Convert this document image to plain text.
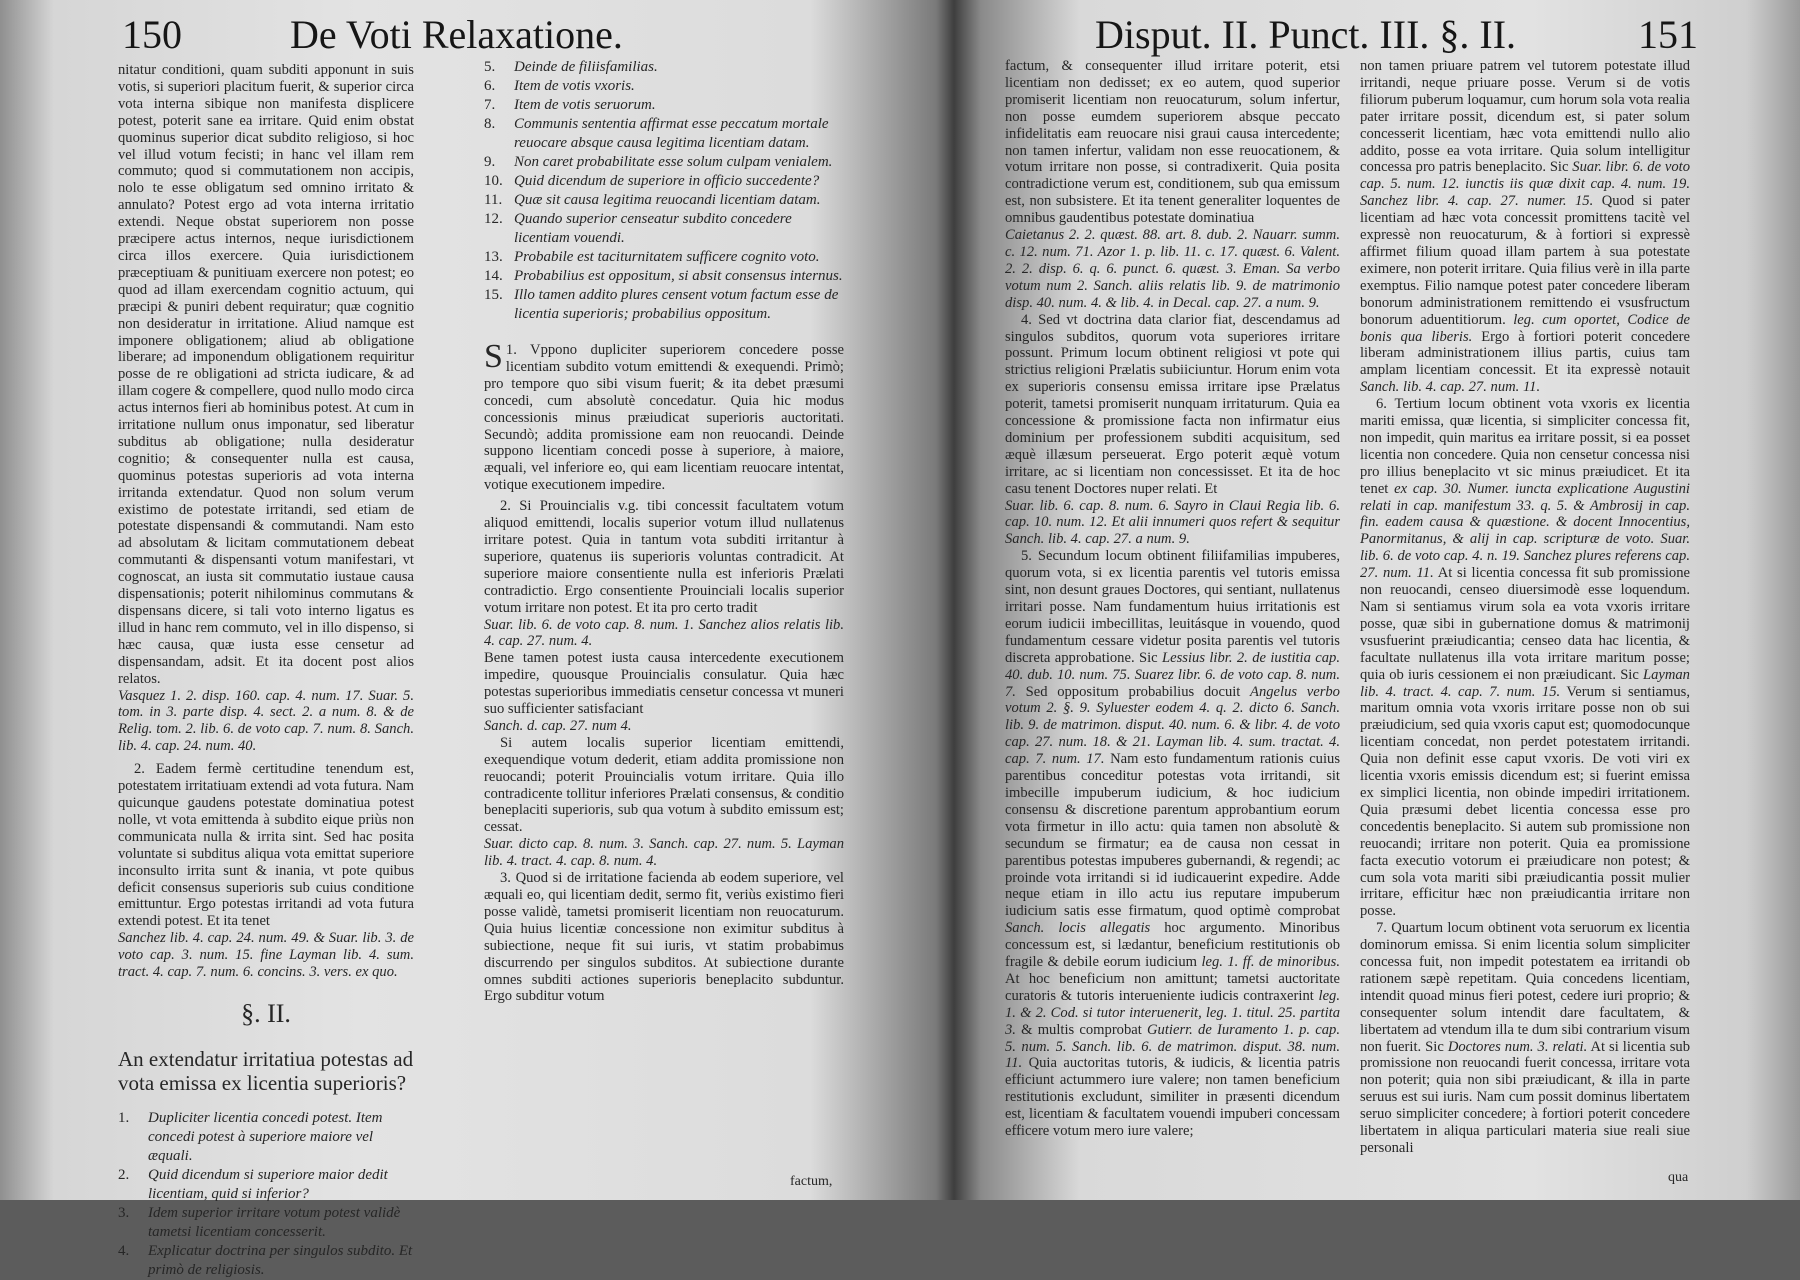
150	De Voti Relaxatione.

nitatur conditioni, quam subditi apponunt in suis votis, si superiori placitum fuerit, & superior circa vota interna sibique non manifesta displicere potest, poterit sane ea irritare. Quid enim obstat quominus superior dicat subdito religioso, si hoc vel illud votum fecisti; in hanc vel illam rem commuto; quod si commutationem non accipis, nolo te esse obligatum sed omnino irritato & annulato? Potest ergo ad vota interna irritatio extendi. Neque obstat superiorem non posse præcipere actus internos, neque iurisdictionem circa illos exercere. Quia iurisdictionem præceptiuam & punitiuam exercere non potest; eo quod ad illam exercendam cognitio actuum, qui præcipi & puniri debent requiratur; quæ cognitio non desideratur in irritatione. Aliud namque est imponere obligationem; aliud ab obligatione liberare; ad imponendum obligationem requiritur posse de re obligationi ad stricta iudicare, & ad illam cogere & compellere, quod nullo modo circa actus internos fieri ab hominibus potest. At cum in irritatione nullum onus imponatur, sed liberatur subditus ab obligatione; nulla desideratur cognitio; & consequenter nulla est causa, quominus potestas superioris ad vota interna irritanda extendatur. Quod non solum verum existimo de potestate irritandi, sed etiam de potestate dispensandi & commutandi. Nam esto ad absolutam & licitam commutationem debeat commutanti & dispensanti votum manifestari, vt cognoscat, an iusta sit commutatio iustaue causa dispensationis; poterit nihilominus commutans & dispensans dicere, si tali voto interno ligatus es illud in hanc rem commuto, vel in illo dispenso, si hæc causa, quæ iusta esse censetur ad dispensandam, adsit. Et ita docent post alios relatos.

Vasquez 1. 2. disp. 160. cap. 4. num. 17. Suar. 5. tom. in 3. parte disp. 4. sect. 2. a num. 8. & de Relig. tom. 2. lib. 6. de voto cap. 7. num. 8. Sanch. lib. 4. cap. 24. num. 40.

2. Eadem fermè certitudine tenendum est, potestatem irritatiuam extendi ad vota futura. Nam quicunque gaudens potestate dominatiua potest nolle, vt vota emittenda à subdito eique priùs non communicata nulla & irrita sint. Sed hac posita voluntate si subditus aliqua vota emittat superiore inconsulto irrita sunt & inania, vt pote quibus deficit consensus superioris sub cuius conditione emittuntur. Ergo potestas irritandi ad vota futura extendi potest. Et ita tenet

Sanchez lib. 4. cap. 24. num. 49. & Suar. lib. 3. de voto cap. 3. num. 15. fine Layman lib. 4. sum. tract. 4. cap. 7. num. 6. concins. 3. vers. ex quo.

§. II.
An extendatur irritatiua potestas ad vota emissa ex licentia superioris?
1. Dupliciter licentia concedi potest. Item concedi potest à superiore maiore vel æquali.
2. Quid dicendum si superiore maior dedit licentiam, quid si inferior?
3. Idem superior irritare votum potest validè tametsi licentiam concesserit.
4. Explicatur doctrina per singulos subdito. Et primò de religiosis.
5. Deinde de filiisfamilias.
6. Item de votis vxoris.
7. Item de votis seruorum.
8. Communis sententia affirmat esse peccatum mortale reuocare absque causa legitima licentiam datam.
9. Non caret probabilitate esse solum culpam venialem.
10. Quid dicendum de superiore in officio succedente?
11. Quæ sit causa legitima reuocandi licentiam datam.
12. Quando superior censeatur subdito concedere licentiam vouendi.
13. Probabile est taciturnitatem sufficere cognito voto.
14. Probabilius est oppositum, si absit consensus internus.
15. Illo tamen addito plures censent votum factum esse de licentia superioris; probabilius oppositum.

S 1. Vppono dupliciter superiorem concedere posse licentiam subdito votum emittendi & exequendi. Primò; pro tempore quo sibi visum fuerit; & ita debet præsumi concedi, cum absolutè concedatur. Quia hic modus concessionis minus præiudicat superioris auctoritati. Secundò; addita promissione eam non reuocandi. Deinde suppono licentiam concedi posse à superiore, à maiore, æquali, vel inferiore eo, qui eam licentiam reuocare intentat, votique executionem impedire.

2. Si Prouincialis v.g. tibi concessit facultatem votum aliquod emittendi, localis superior votum illud nullatenus irritare potest. Quia in tantum vota subditi irritantur à superiore, quatenus iis superioris voluntas contradicit. At superiore maiore consentiente nulla est inferioris Prælati contradictio. Ergo consentiente Prouinciali localis superior votum irritare non potest. Et ita pro certo tradit

Suar. lib. 6. de voto cap. 8. num. 1. Sanchez alios relatis lib. 4. cap. 27. num. 4.

Bene tamen potest iusta causa intercedente executionem impedire, quousque Prouincialis consulatur. Quia hæc potestas superioribus immediatis censetur concessa vt muneri suo sufficienter satisfaciant

Sanch. d. cap. 27. num 4.

Si autem localis superior licentiam emittendi, exequendique votum dederit, etiam addita promissione non reuocandi; poterit Prouincialis votum irritare. Quia illo contradicente tollitur inferiores Prælati consensus, & conditio beneplaciti superioris, sub qua votum à subdito emissum est; cessat.

Suar. dicto cap. 8. num. 3. Sanch. cap. 27. num. 5. Layman lib. 4. tract. 4. cap. 8. num. 4.

3. Quod si de irritatione facienda ab eodem superiore, vel æquali eo, qui licentiam dedit, sermo fit, veriùs existimo fieri posse validè, tametsi promiserit licentiam non reuocaturum. Quia huius licentiæ concessione non eximitur subditus à subiectione, neque fit sui iuris, vt statim probabimus discurrendo per singulos subditos. At subiectione durante omnes subditi actiones superioris beneplacito subduntur. Ergo subditur votum

factum,
Disput. II. Punct. III. §. II.	151

factum, & consequenter illud irritare poterit, etsi licentiam non dedisset; ex eo autem, quod superior promiserit licentiam non reuocaturum, solum infertur, non posse eumdem superiorem absque peccato infidelitatis eam reuocare nisi graui causa intercedente; non tamen infertur, validam non esse reuocationem, & votum irritare non posse, si contradixerit. Quia posita contradictione verum est, conditionem, sub qua emissum est, non subsistere. Et ita tenent generaliter loquentes de omnibus gaudentibus potestate dominatiua

Caietanus 2. 2. quæst. 88. art. 8. dub. 2. Nauarr. summ. c. 12. num. 71. Azor 1. p. lib. 11. c. 17. quæst. 6. Valent. 2. 2. disp. 6. q. 6. punct. 6. quæst. 3. Eman. Sa verbo votum num 2. Sanch. aliis relatis lib. 9. de matrimonio disp. 40. num. 4. & lib. 4. in Decal. cap. 27. a num. 9.

4. Sed vt doctrina data clarior fiat, descendamus ad singulos subditos, quorum vota superiores irritare possunt. Primum locum obtinent religiosi vt pote qui strictius religioni Prælatis subiiciuntur. Horum enim vota ex superioris consensu emissa irritare ipse Prælatus poterit, tametsi promiserit nunquam irritaturum. Quia ea concessione & promissione facta non infirmatur eius dominium per professionem subditi acquisitum, sed æquè illæsum perseuerat. Ergo poterit æquè votum irritare, ac si licentiam non concessisset. Et ita de hoc casu tenent Doctores nuper relati. Et

Suar. lib. 6. cap. 8. num. 6. Sayro in Claui Regia lib. 6. cap. 10. num. 12. Et alii innumeri quos refert & sequitur Sanch. lib. 4. cap. 27. a num. 9.

5. Secundum locum obtinent filiifamilias impuberes, quorum vota, si ex licentia parentis vel tutoris emissa sint, non desunt graues Doctores, qui sentiant, nullatenus irritari posse. Nam fundamentum huius irritationis est eorum iudicii imbecillitas, leuitásque in vouendo, quod fundamentum cessare videtur posita parentis vel tutoris discreta approbatione. Sic Lessius libr. 2. de iustitia cap. 40. dub. 10. num. 75. Suarez libr. 6. de voto cap. 8. num. 7. Sed oppositum probabilius docuit Angelus verbo votum 2. §. 9. Syluester eodem 4. q. 2. dicto 6. Sanch. lib. 9. de matrimon. disput. 40. num. 6. & libr. 4. de voto cap. 27. num. 18. & 21. Layman lib. 4. sum. tractat. 4. cap. 7. num. 17. Nam esto fundamentum rationis cuius parentibus conceditur potestas vota irritandi, sit imbecille impuberum iudicium, & hoc iudicium consensu & discretione parentum approbantium eorum vota firmetur in illo actu: quia tamen non absolutè & secundum se firmatur; ea de causa non cessat in parentibus potestas impuberes gubernandi, & regendi; ac proinde vota irritandi si id iudicauerint expedire. Adde neque etiam in illo actu ius reputare impuberum iudicium satis esse firmatum, quod optimè comprobat Sanch. locis allegatis hoc argumento. Minoribus concessum est, si lædantur, beneficium restitutionis ob fragile & debile eorum iudicium leg. 1. ff. de minoribus. At hoc beneficium non amittunt; tametsi auctoritate curatoris & tutoris interueniente iudicis contraxerint leg. 1. & 2. Cod. si tutor interuenerit, leg. 1. titul. 25. partita 3. & multis comprobat Gutierr. de Iuramento 1. p. cap. 5. num. 5. Sanch. lib. 6. de matrimon. disput. 38. num. 11. Quia auctoritas tutoris, & iudicis, & licentia patris efficiunt actummero iure valere; non tamen beneficium restitutionis excludunt, similiter in præsenti dicendum est, licentiam & facultatem vouendi impuberi concessam efficere votum mero iure valere;

non tamen priuare patrem vel tutorem potestate illud irritandi, neque priuare posse. Verum si de votis filiorum puberum loquamur, cum horum sola vota realia pater irritare possit, dicendum est, si pater solum concesserit licentiam, hæc vota emittendi nullo alio addito, posse ea vota irritare. Quia solum intelligitur concessa pro patris beneplacito. Sic Suar. libr. 6. de voto cap. 5. num. 12. iunctis iis quæ dixit cap. 4. num. 19. Sanchez libr. 4. cap. 27. numer. 15. Quod si pater licentiam ad hæc vota concessit promittens tacitè vel expressè non reuocaturum, & à fortiori si expressè affirmet filium quoad illam partem à sua potestate eximere, non poterit irritare. Quia filius verè in illa parte exemptus. Filio namque potest pater concedere liberam bonorum administrationem remittendo ei vsusfructum bonorum aduentitiorum. leg. cum oportet, Codice de bonis qua liberis. Ergo à fortiori poterit concedere liberam administrationem illius partis, cuius tam amplam licentiam concessit. Et ita expressè notauit Sanch. lib. 4. cap. 27. num. 11.

6. Tertium locum obtinent vota vxoris ex licentia mariti emissa, quæ licentia, si simpliciter concessa fit, non impedit, quin maritus ea irritare possit, si ea posset licentia non concedere. Quia non censetur concessa nisi pro illius beneplacito vt sic minus præiudicet. Et ita tenet ex cap. 30. Numer. iuncta explicatione Augustini relati in cap. manifestum 33. q. 5. & Ambrosij in cap. fin. eadem causa & quæstione. & docent Innocentius, Panormitanus, & alij in cap. scripturæ de voto. Suar. lib. 6. de voto cap. 4. n. 19. Sanchez plures referens cap. 27. num. 11. At si licentia concessa fit sub promissione non reuocandi, censeo diuersimodè esse loquendum. Nam si sentiamus virum sola ea vota vxoris irritare posse, quæ sibi in gubernatione domus & matrimonij vsusfuerint præiudicantia; censeo data hac licentia, & facultate nullatenus illa vota irritare maritum posse; quia ob iuris cessionem ei non præiudicant. Sic Layman lib. 4. tract. 4. cap. 7. num. 15. Verum si sentiamus, maritum omnia vota vxoris irritare posse non ob sui præiudicium, sed quia vxoris caput est; quomodocunque licentiam concedat, non perdet potestatem irritandi. Quia non definit esse caput vxoris. De voti viri ex licentia vxoris emissis dicendum est; si fuerint emissa ex simplici licentia, non obinde impediri irritationem. Quia præsumi debet licentia concessa esse pro concedentis beneplacito. Si autem sub promissione non reuocandi; irritare non poterit. Quia ea promissione facta executio votorum ei præiudicare non potest; & cum sola vota mariti sibi præiudicantia possit mulier irritare, efficitur hæc non præiudicantia irritare non posse.

7. Quartum locum obtinent vota seruorum ex licentia dominorum emissa. Si enim licentia solum simpliciter concessa fuit, non impedit potestatem ea irritandi ob rationem sæpè repetitam. Quia concedens licentiam, intendit quoad minus fieri potest, cedere iuri proprio; & consequenter solum intendit dare facultatem, & libertatem ad vtendum illa te dum sibi contrarium visum non fuerit. Sic Doctores num. 3. relati. At si licentia sub promissione non reuocandi fuerit concessa, irritare vota non poterit; quia non sibi præiudicant, & illa in parte seruus est sui iuris. Nam cum possit dominus libertatem seruo simpliciter concedere; à fortiori poterit concedere libertatem in aliqua particulari materia siue reali siue personali

qua
